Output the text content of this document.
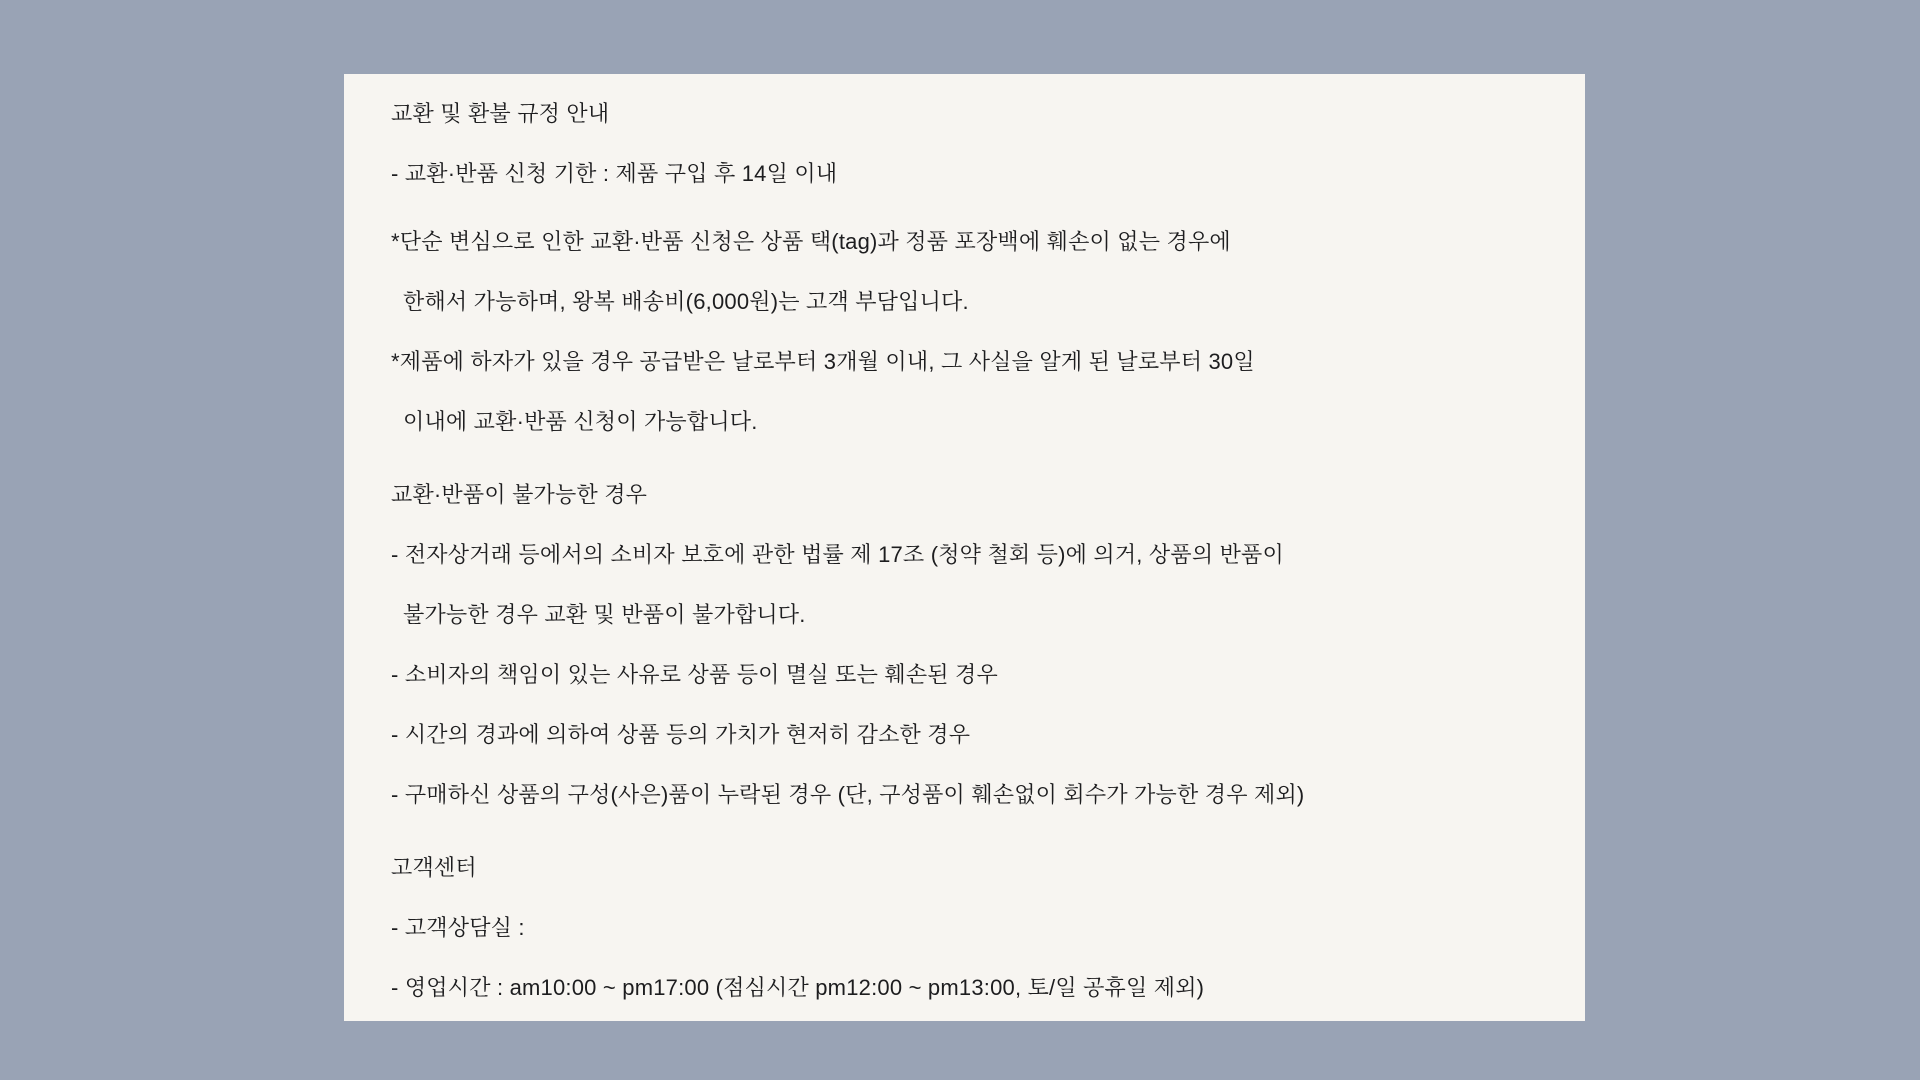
교환 및 환불 규정 안내
- 교환·반품 신청 기한 : 제품 구입 후 14일 이내
*단순 변심으로 인한 교환·반품 신청은 상품 택(tag)과 정품 포장백에 훼손이 없는 경우에
한해서 가능하며, 왕복 배송비(6,000원)는 고객 부담입니다.
*제품에 하자가 있을 경우 공급받은 날로부터 3개월 이내, 그 사실을 알게 된 날로부터 30일
이내에 교환·반품 신청이 가능합니다.
교환·반품이 불가능한 경우
- 전자상거래 등에서의 소비자 보호에 관한 법률 제 17조 (청약 철회 등)에 의거, 상품의 반품이
불가능한 경우 교환 및 반품이 불가합니다.
- 소비자의 책임이 있는 사유로 상품 등이 멸실 또는 훼손된 경우
- 시간의 경과에 의하여 상품 등의 가치가 현저히 감소한 경우
- 구매하신 상품의 구성(사은)품이 누락된 경우 (단, 구성품이 훼손없이 회수가 가능한 경우 제외)
고객센터
- 고객상담실 :
- 영업시간 : am10:00 ~ pm17:00 (점심시간 pm12:00 ~ pm13:00, 토/일 공휴일 제외)
